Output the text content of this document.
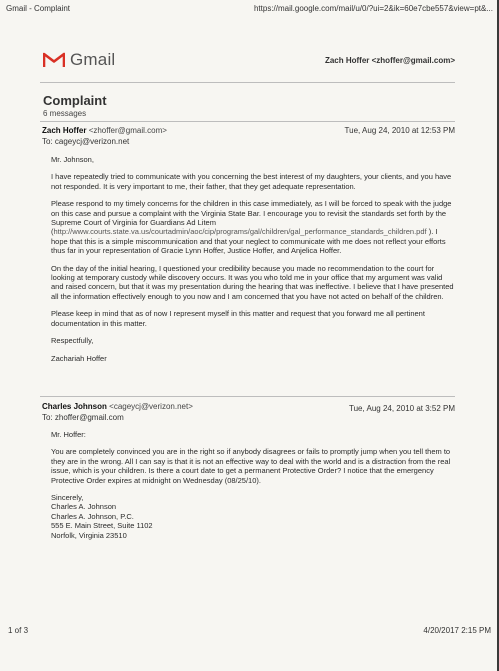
Gmail - Complaint	https://mail.google.com/mail/u/0/?ui=2&ik=60e7cbe557&view=pt&...
Gmail	Zach Hoffer <zhoffer@gmail.com>
Complaint
6 messages
Zach Hoffer <zhoffer@gmail.com>
To: cageycj@verizon.net
Tue, Aug 24, 2010 at 12:53 PM

Mr. Johnson,

I have repeatedly tried to communicate with you concerning the best interest of my daughters, your clients, and you have not responded. It is very important to me, their father, that they get adequate representation.

Please respond to my timely concerns for the children in this case immediately, as I will be forced to speak with the judge on this case and pursue a complaint with the Virginia State Bar. I encourage you to revisit the standards set forth by the Supreme Court of Virginia for Guardians Ad Litem (http://www.courts.state.va.us/courtadmin/aoc/cip/programs/gal/children/gal_performance_standards_children.pdf ). I hope that this is a simple miscommunication and that your neglect to communicate with me does not reflect your efforts thus far in your representation of Gracie Lynn Hoffer, Justice Hoffer, and Anjelica Hoffer.

On the day of the initial hearing, I questioned your credibility because you made no recommendation to the court for looking at temporary custody while discovery occurs. It was you who told me in your office that my argument was valid and raised concern, but that it was my presentation during the hearing that was ineffective. I believe that I have presented all the information effectively enough to you now and I am concerned that you have not acted on behalf of the children.

Please keep in mind that as of now I represent myself in this matter and request that you forward me all pertinent documentation in this matter.

Respectfully,

Zachariah Hoffer

Charles Johnson <cageycj@verizon.net>
To: zhoffer@gmail.com
Tue, Aug 24, 2010 at 3:52 PM

Mr. Hoffer:

You are completely convinced you are in the right so if anybody disagrees or fails to promptly jump when you tell them to they are in the wrong. All I can say is that it is not an effective way to deal with the world and is a distraction from the real issue, which is your children. Is there a court date to get a permanent Protective Order? I notice that the emergency Protective Order expires at midnight on Wednesday (08/25/10).

Sincerely,
Charles A. Johnson
Charles A. Johnson, P.C.
555 E. Main Street, Suite 1102
Norfolk, Virginia 23510
1 of 3	4/20/2017 2:15 PM
